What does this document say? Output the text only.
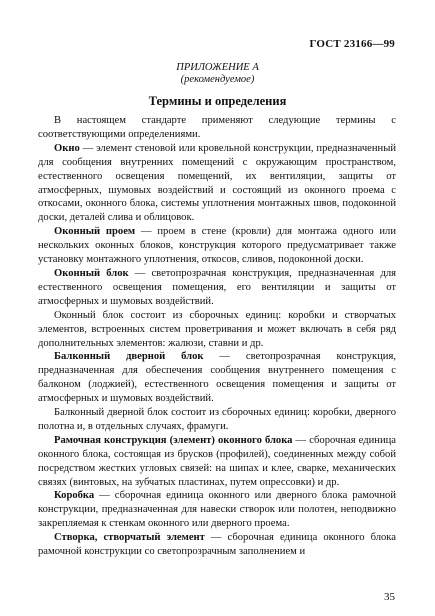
ГОСТ 23166—99
ПРИЛОЖЕНИЕ А
(рекомендуемое)
Термины и определения

В настоящем стандарте применяют следующие термины с соответствующими определениями.

Окно — элемент стеновой или кровельной конструкции, предназначенный для сообщения внутренних помещений с окружающим пространством, естественного освещения помещений, их вентиляции, защиты от атмосферных, шумовых воздействий и состоящий из оконного проема с откосами, оконного блока, системы уплотнения монтажных швов, подоконной доски, деталей слива и облицовок.

Оконный проем — проем в стене (кровли) для монтажа одного или нескольких оконных блоков, конструкция которого предусматривает также установку монтажного уплотнения, откосов, сливов, подоконной доски.

Оконный блок — светопрозрачная конструкция, предназначенная для естественного освещения помещения, его вентиляции и защиты от атмосферных и шумовых воздействий.

Оконный блок состоит из сборочных единиц: коробки и створчатых элементов, встроенных систем проветривания и может включать в себя ряд дополнительных элементов: жалюзи, ставни и др.

Балконный дверной блок — светопрозрачная конструкция, предназначенная для обеспечения сообщения внутреннего помещения с балконом (лоджией), естественного освещения помещения и защиты от атмосферных и шумовых воздействий.

Балконный дверной блок состоит из сборочных единиц: коробки, дверного полотна и, в отдельных случаях, фрамуги.

Рамочная конструкция (элемент) оконного блока — сборочная единица оконного блока, состоящая из брусков (профилей), соединенных между собой посредством жестких угловых связей: на шипах и клее, сварке, механических связях (винтовых, на зубчатых пластинах, путем опрессовки) и др.

Коробка — сборочная единица оконного или дверного блока рамочной конструкции, предназначенная для навески створок или полотен, неподвижно закрепляемая к стенкам оконного или дверного проема.

Створка, створчатый элемент — сборочная единица оконного блока рамочной конструкции со светопрозрачным заполнением и

35
